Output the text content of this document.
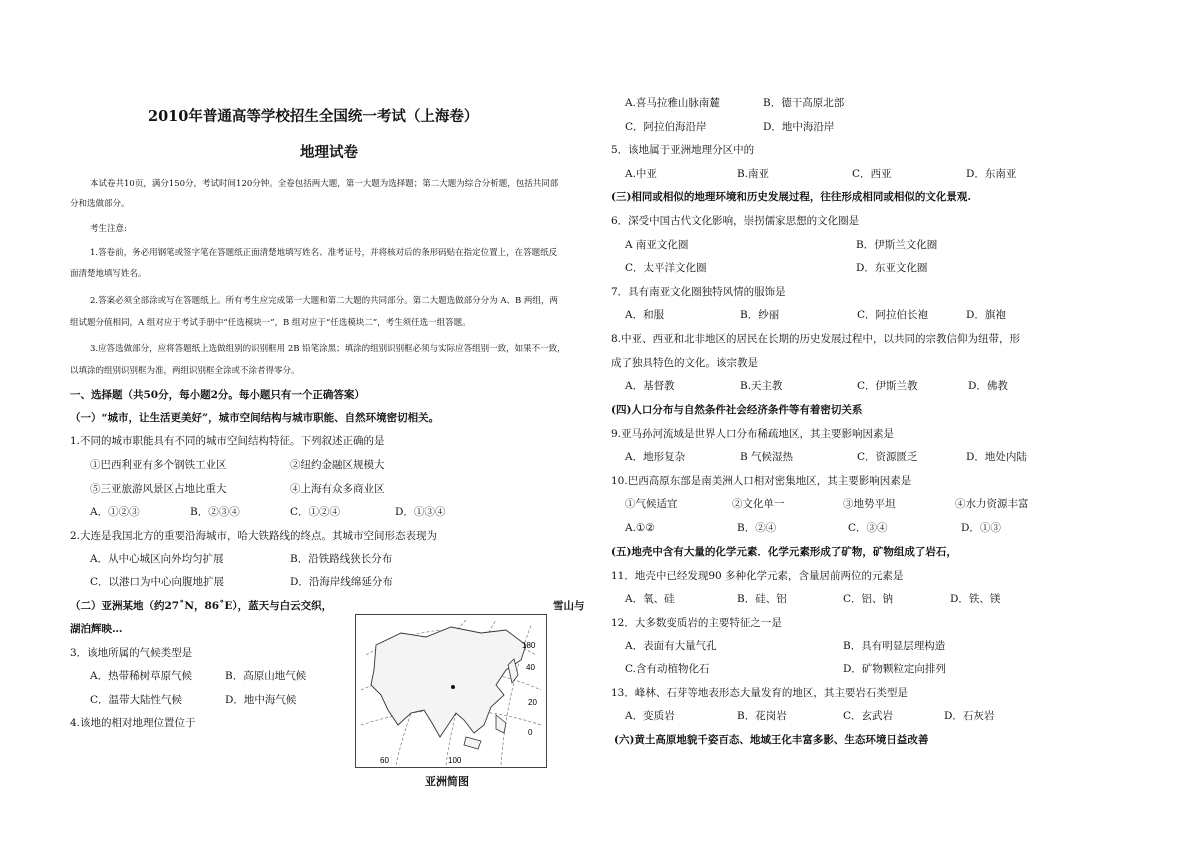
2010年普通高等学校招生全国统一考试（上海卷）
地理试卷
本试卷共10页，满分150分，考试时间120分钟。全卷包括两大题，第一大题为选择题；第二大题为综合分析题，包括共同部
分和选做部分。
考生注意:
1.答卷前，务必用钢笔或签字笔在答题纸正面清楚地填写姓名、准考证号，并将核对后的条形码贴在指定位置上，在答题纸反
面清楚地填写姓名。
2.答案必须全部涂或写在答题纸上。所有考生应完成第一大题和第二大题的共同部分。第二大题选做部分分为 A、B 两组，两
组试题分值相同，A 组对应于考试手册中“任选模块一”，B 组对应于“任选模块二”，考生须任选一组答题。
3.应答选做部分，应将答题纸上选做组别的识别框用 2B 铅笔涂黑；填涂的组别识别框必须与实际应答组别一致，如果不一致，
以填涂的组别识别框为准，两组识别框全涂或不涂者得零分。
一、选择题（共50分，每小题2分。每小题只有一个正确答案）
（一）“城市，让生活更美好”，城市空间结构与城市职能、自然环境密切相关。
1.不同的城市职能具有不同的城市空间结构特征。下列叙述正确的是
①巴西利亚有多个钢铁工业区	②纽约金融区规模大
⑤三亚旅游风景区占地比重大	④上海有众多商业区
A．①②③	B．②③④	C．①②④	D．①③④
2.大连是我国北方的重要沿海城市，哈大铁路线的终点。其城市空间形态表现为
A．从中心城区向外均匀扩展	B．沿铁路线狭长分布
C．以港口为中心向腹地扩展	D．沿海岸线绵延分布
（二）亚洲某地（约27˚N，86˚E），蓝天与白云交织，	雪山与
湖泊辉映…
3．该地所属的气候类型是
A．热带稀树草原气候	B．高原山地气候
C．温带大陆性气候	D．地中海气候
4.该地的相对地理位置位于
180
40
20
0
60	100
亚洲简图
A.喜马拉雅山脉南麓	B．德干高原北部
C．阿拉伯海沿岸	D．地中海沿岸
5．该地属于亚洲地理分区中的
A.中亚	B.南亚	C．西亚	D．东南亚
(三)相同或相似的地理环境和历史发展过程，往往形成相同或相似的文化景观.
6．深受中国古代文化影响，崇拐儒家思想的文化圈是
A 南亚文化圈	B．伊斯兰文化圈
C．太平洋文化圈	D．东亚文化圈
7．具有南亚文化圈独特风情的服饰是
A．和服	B．纱丽	C．阿拉伯长袍	D．旗袍
8.中亚、西亚和北非地区的居民在长期的历史发展过程中，以共同的宗教信仰为纽带，形
成了独具特色的文化。该宗教是
A．基督教	B.天主教	C．伊斯兰教	D．佛教
(四)人口分布与自然条件社会经济条件等有着密切关系
9.亚马孙河流域是世界人口分布稀疏地区，其主要影响因素是
A．地形复杂	B 气候湿热	C．资源匮乏	D．地处内陆
10.巴西高原东部是南美洲人口相对密集地区，其主要影响因素是
①气候适宜	②文化单一	③地势平坦	④水力资源丰富
A.①②	B．②④	C．③④	D．①③
(五)地壳中含有大量的化学元素．化学元素形成了矿物，矿物组成了岩石，
11．地壳中已经发现90 多种化学元素，含量居前两位的元素是
A．氧、硅	B．硅、铝	C．铝、钠	D．铁、镁
12．大多数变质岩的主要特征之一是
A．表面有大量气孔	B．具有明显层理构造
C.含有动植物化石	D．矿物颗粒定向排列
13．峰林、石芽等地表形态大量发育的地区，其主要岩石类型是
A．变质岩	B．花岗岩	C．玄武岩	D．石灰岩
(六)黄土高原地貌千姿百态、地域王化丰富多影、生态环境日益改善
